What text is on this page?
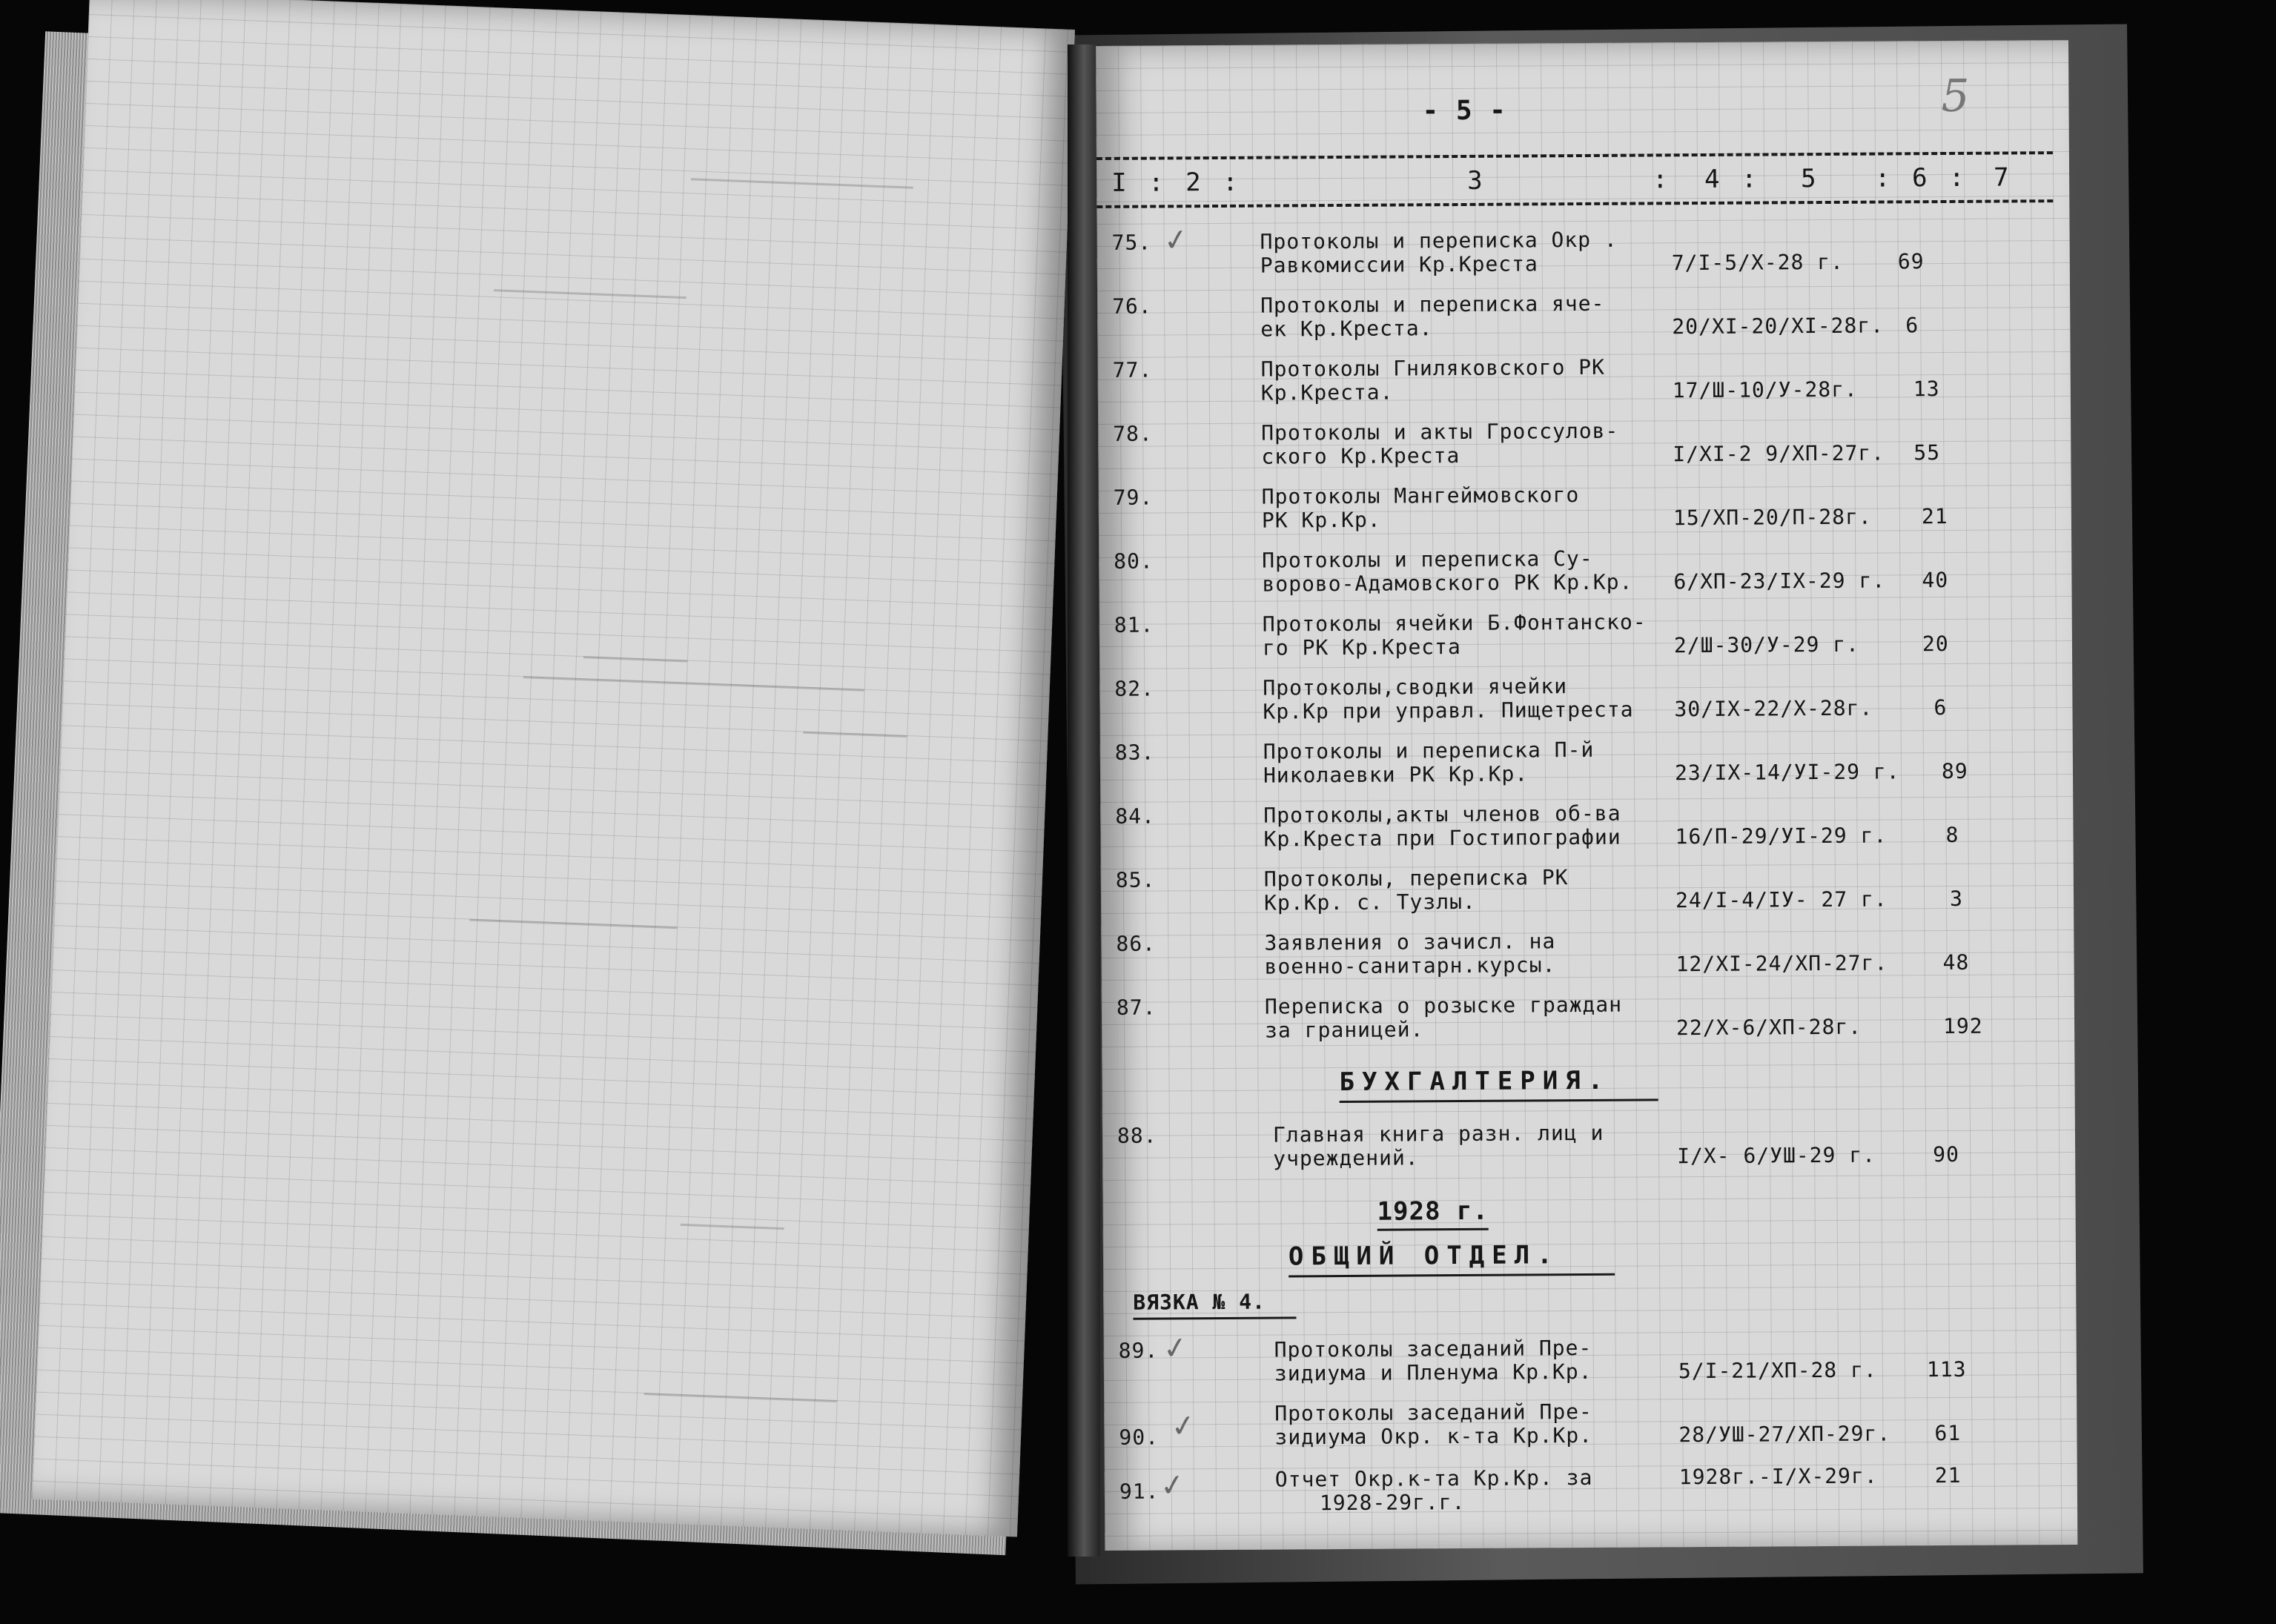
- 5 -	5
I : 2 :	3	: 4 : 5 : 6 : 7
75. ✓	Протоколы и переписка Окр .
Равкомиссии Кр.Креста	7/I-5/X-28 г.	69
76.	Протоколы и переписка яче-
ек Кр.Креста.	20/XI-20/XI-28г. 6
77.	Протоколы Гниляковского РК
Кр.Креста.	17/Ш-10/У-28г.	13
78.	Протоколы и акты Гроссулов-
ского Кр.Креста	I/XI-2 9/XП-27г. 55
79.	Протоколы Мангеймовского
РК Кр.Кр.	15/XП-20/П-28г. 21
80.	Протоколы и переписка Су-
ворово-Адамовского РК Кр.Кр. 6/XП-23/IX-29 г. 40
81.	Протоколы ячейки Б.Фонтанско-
го РК Кр.Креста	2/Ш-30/У-29 г.	20
82.	Протоколы,сводки ячейки
Кр.Кр при управл. Пищетреста 30/IX-22/X-28г.	6
83.	Протоколы и переписка П-й
Николаевки РК Кр.Кр.	23/IX-14/УI-29 г. 89
84.	Протоколы,акты членов об-ва
Кр.Креста при Гостипографии	16/П-29/УI-29 г.	8
85.	Протоколы, переписка РК
Кр.Кр. с. Тузлы.	24/I-4/IУ- 27 г.	3
86.	Заявления о зачисл. на
военно-санитарн.курсы.	12/XI-24/XП-27г.	48
87.	Переписка о розыске граждан
за границей.	22/X-6/XП-28г.	192
БУХГАЛТЕРИЯ.
88.	Главная книга разн. лиц и
учреждений.	I/X- 6/УШ-29 г.	90
1928 г.
ОБЩИЙ ОТДЕЛ.
ВЯЗКА № 4.
89. ✓	Протоколы заседаний Пре-
зидиума и Пленума Кр.Кр.	5/I-21/XП-28 г. 113
90. ✓	Протоколы заседаний Пре-
зидиума Окр. к-та Кр.Кр.	28/УШ-27/XП-29г. 61
91.
✓	Отчет Окр.к-та Кр.Кр. за
1928-29г.г.
1928г.-I/X-29г.	21
